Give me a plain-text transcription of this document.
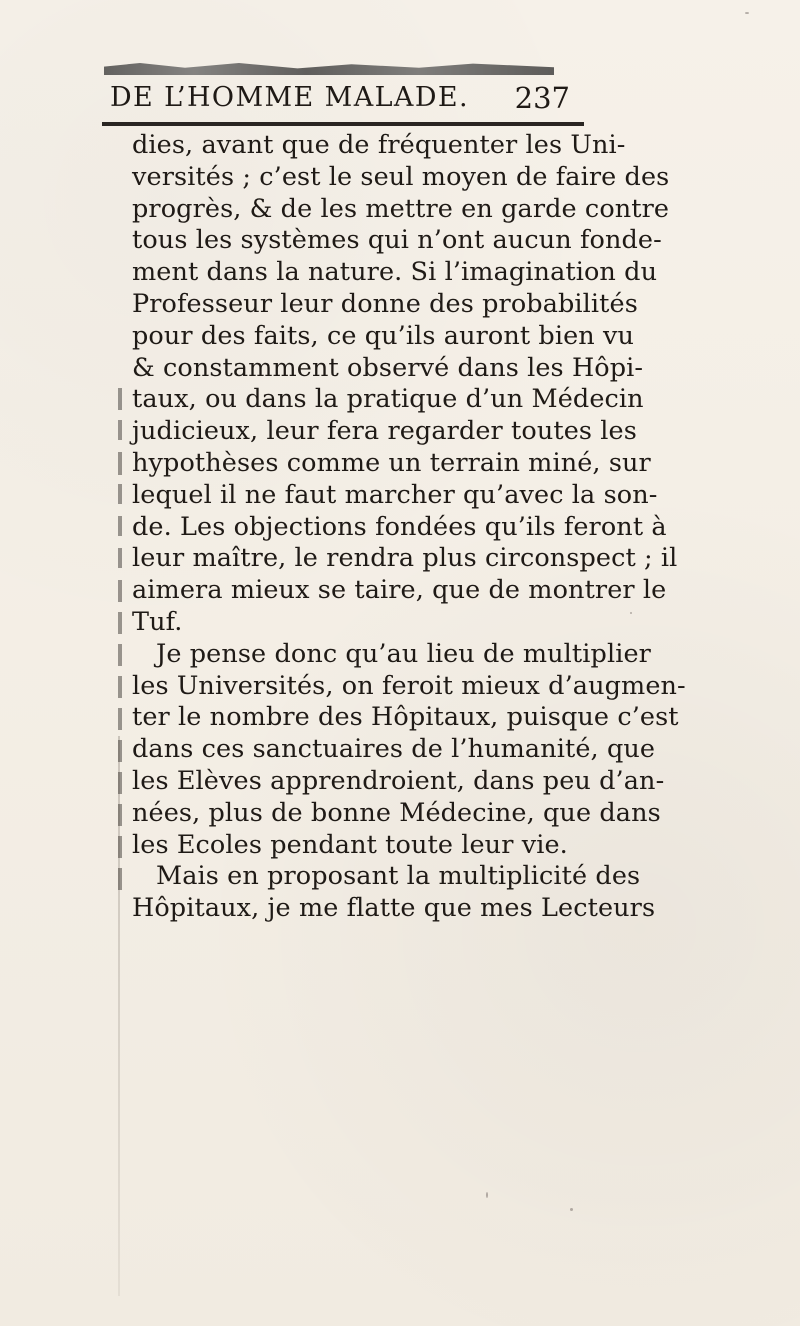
DE L’HOMME MALADE. 237
dies, avant que de fréquenter les Uni-
versités ; c’est le seul moyen de faire des
progrès, & de les mettre en garde contre
tous les systèmes qui n’ont aucun fonde-
ment dans la nature. Si l’imagination du
Professeur leur donne des probabilités
pour des faits, ce qu’ils auront bien vu
& constamment observé dans les Hôpi-
taux, ou dans la pratique d’un Médecin
judicieux, leur fera regarder toutes les
hypothèses comme un terrain miné, sur
lequel il ne faut marcher qu’avec la son-
de. Les objections fondées qu’ils feront à
leur maître, le rendra plus circonspect ; il
aimera mieux se taire, que de montrer le
Tuf.
Je pense donc qu’au lieu de multiplier
les Universités, on feroit mieux d’augmen-
ter le nombre des Hôpitaux, puisque c’est
dans ces sanctuaires de l’humanité, que
les Elèves apprendroient, dans peu d’an-
nées, plus de bonne Médecine, que dans
les Ecoles pendant toute leur vie.
Mais en proposant la multiplicité des
Hôpitaux, je me flatte que mes Lecteurs
